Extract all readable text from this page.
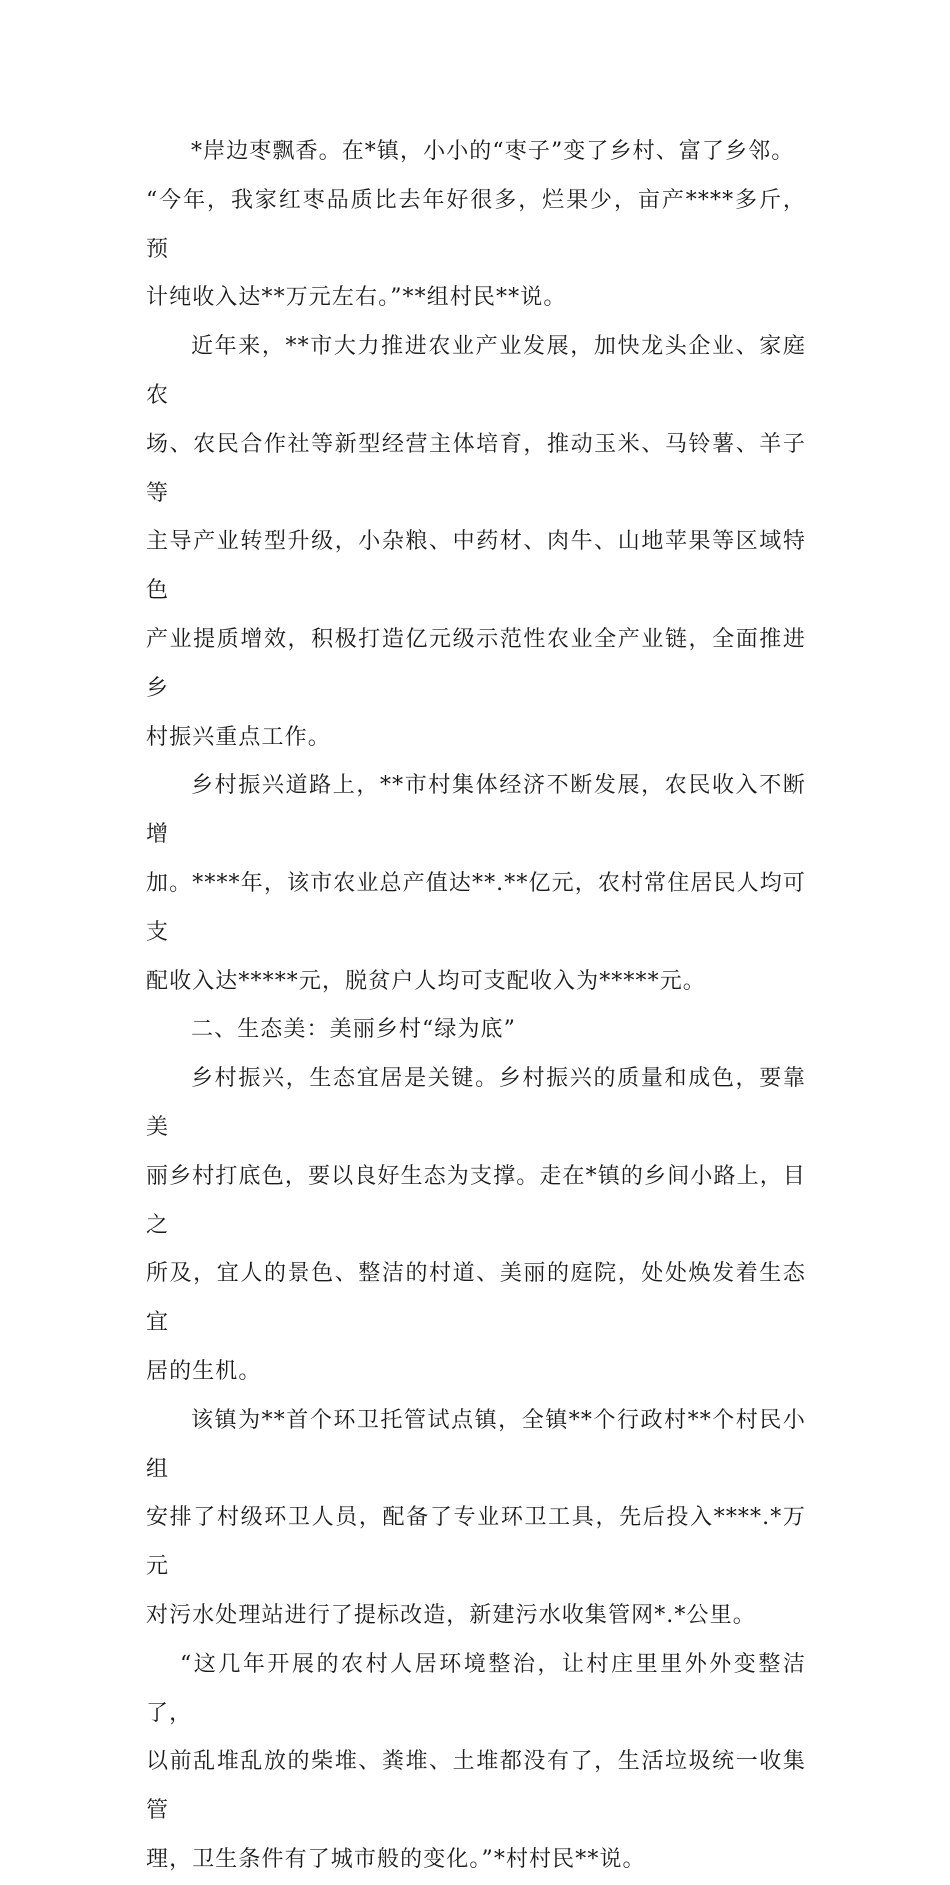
*岸边枣飘香。在*镇，小小的“枣子”变了乡村、富了乡邻。
“今年，我家红枣品质比去年好很多，烂果少，亩产****多斤，预
计纯收入达**万元左右。”**组村民**说。
近年来，**市大力推进农业产业发展，加快龙头企业、家庭农
场、农民合作社等新型经营主体培育，推动玉米、马铃薯、羊子等
主导产业转型升级，小杂粮、中药材、肉牛、山地苹果等区域特色
产业提质增效，积极打造亿元级示范性农业全产业链，全面推进乡
村振兴重点工作。
乡村振兴道路上，**市村集体经济不断发展，农民收入不断增
加。****年，该市农业总产值达**.**亿元，农村常住居民人均可支
配收入达*****元，脱贫户人均可支配收入为*****元。
二、生态美：美丽乡村“绿为底”
乡村振兴，生态宜居是关键。乡村振兴的质量和成色，要靠美
丽乡村打底色，要以良好生态为支撑。走在*镇的乡间小路上，目之
所及，宜人的景色、整洁的村道、美丽的庭院，处处焕发着生态宜
居的生机。
该镇为**首个环卫托管试点镇，全镇**个行政村**个村民小组
安排了村级环卫人员，配备了专业环卫工具，先后投入****.*万元
对污水处理站进行了提标改造，新建污水收集管网*.*公里。
“这几年开展的农村人居环境整治，让村庄里里外外变整洁了，
以前乱堆乱放的柴堆、粪堆、土堆都没有了，生活垃圾统一收集管
理，卫生条件有了城市般的变化。”*村村民**说。
